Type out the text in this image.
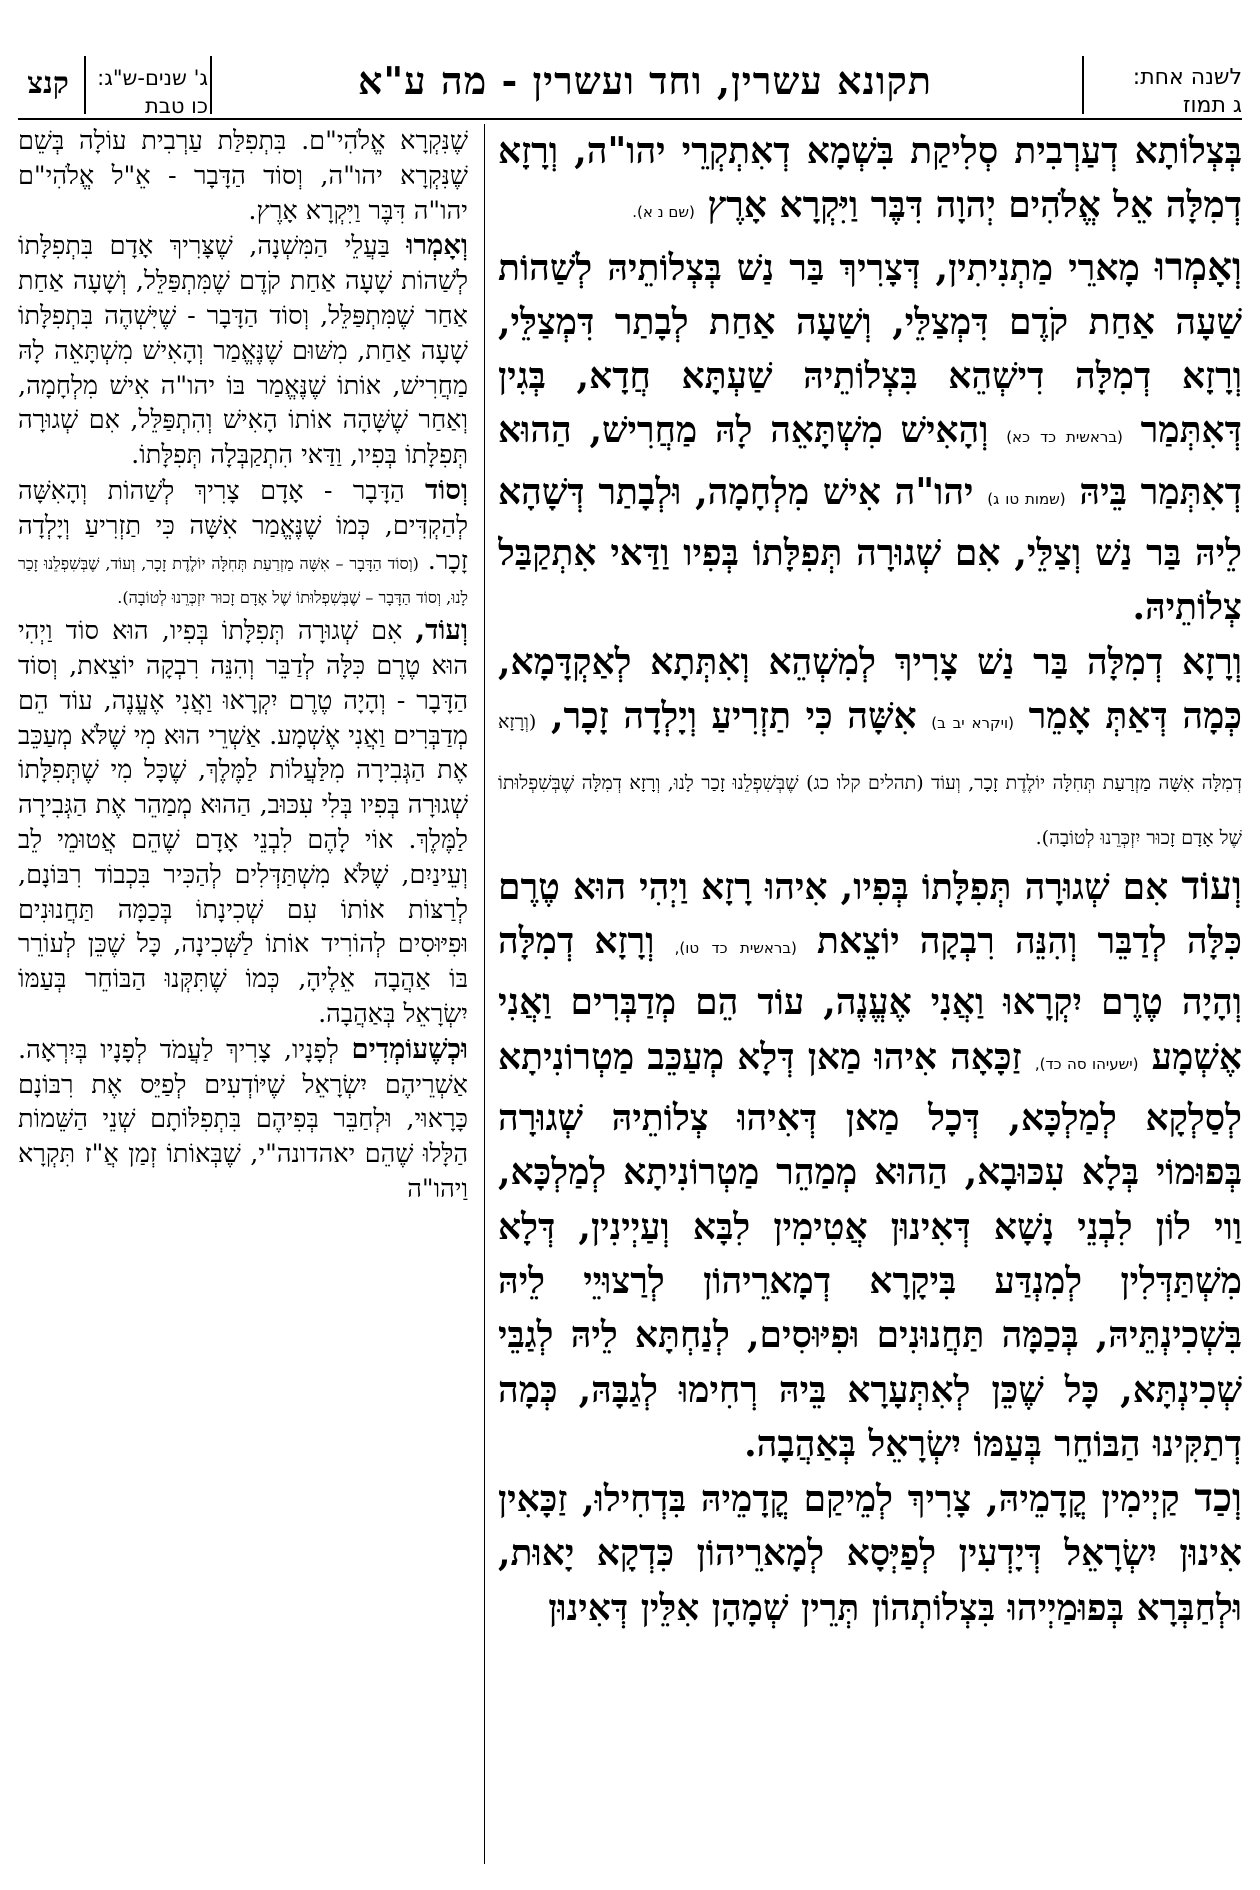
לשנה אחת:
ג תמוז
תקונא עשרין, וחד ועשרין - מה ע"א
ג' שנים-ש"ג:
כו טבת
קנצ

בְּצְלוֹתָא דְעַרְבִית סְלִיקַת בִּשְׁמָא דְאִתְקְרֵי יהו"ה, וְרָזָא דְמִלָּה אֵל אֱלֹהִים יְהוָה דִּבֶּר וַיִּקְרָא אָרֶץ (שם נ א).

וְאָמְרוּ מָארֵי מַתְנִיתִין, דְּצָרִיךְ בַּר נַשׁ בְּצְלוֹתֵיהּ לְשַׁהוֹת שַׁעָה אַחַת קֹדֶם דִּמְצַלֵּי, וְשַׁעָה אַחַת לְבָתַר דִּמְצַלֵּי, וְרָזָא דְמִלָּה דִישְׁהֵא בִּצְלוֹתֵיהּ שַׁעְתָּא חֲדָא, בְּגִין דְּאִתְּמַר (בראשית כד כא) וְהָאִישׁ מִשְׁתָּאֵה לָהּ מַחֲרִישׁ, הַהוּא דְאִתְּמַר בֵּיהּ (שמות טו ג) יהו"ה אִישׁ מִלְחָמָה, וּלְבָתַר דְּשָׁהָא לֵיהּ בַּר נַשׁ וְצַלֵּי, אִם שְׁגוּרָה תְּפִלָּתוֹ בְּפִיו וַדַּאי אִתְקַבַּל צְלוֹתֵיהּ.

וְרָזָא דְמִלָּה בַּר נַשׁ צָרִיךְ לְמִשְׁהֵא וְאִתְּתָא לְאַקְדָּמָא, כְּמָה דְּאַתְּ אָמֵר (ויקרא יב ב) אִשָּׁה כִּי תַזְרִיעַ וְיָלְדָה זָכָר, (וְרָזָא דְמִלָּה אִשָּׁה מַזְרַעַת תְּחִלָּה יוֹלֶדֶת זָכָר, וְעוֹד (תהלים קלו כג) שֶׁבְּשִׁפְלֵנוּ זָכַר לָנוּ, וְרָזָא דְמִלָּה שֶׁבְּשִׁפְלוּתוֹ שֶׁל אָדָם זָכוּר יִזְכְּרֵנוּ לְטוֹבָה).

וְעוֹד אִם שְׁגוּרָה תְּפִלָּתוֹ בְּפִיו, אִיהוּ רָזָא וַיְהִי הוּא טֶרֶם כִּלָּה לְדַבֵּר וְהִנֵּה רִבְקָה יוֹצֵאת (בראשית כד טו), וְרָזָא דְמִלָּה וְהָיָה טֶרֶם יִקְרָאוּ וַאֲנִי אֶעֱנֶה, עוֹד הֵם מְדַבְּרִים וַאֲנִי אֶשְׁמָע (ישעיהו סה כד), זַכָּאָה אִיהוּ מַאן דְּלָא מְעַכֵּב מַטְרוֹנִיתָא לְסַלְקָא לְמַלְכָּא, דְּכָל מַאן דְּאִיהוּ צְלוֹתֵיהּ שְׁגוּרָה בְּפוּמוֹי בְּלָא עִכּוּבָא, הַהוּא מְמַהֵר מַטְרוֹנִיתָא לְמַלְכָּא, וַוי לוֹן לִבְנֵי נָשָׁא דְּאִינוּן אֲטִימִין לִבָּא וְעַיְינִין, דְּלָא מִשְׁתַּדְּלִין לְמִנְדַּע בִּיקָרָא דְמָארֵיהוֹן לְרַצוּיֵי לֵיהּ בִּשְׁכִינְתֵּיהּ, בְּכַמָּה תַּחֲנוּנִים וּפִיּוּסִים, לְנַחְתָּא לֵיהּ לְגַבֵּי שְׁכִינְתָּא, כָּל שֶׁכֵּן לְאִתְּעָרָא בֵּיהּ רְחִימוּ לְגַבָּהּ, כְּמָה דְתַקִּינוּ הַבּוֹחֵר בְּעַמּוֹ יִשְׂרָאֵל בְּאַהֲבָה.

וְכַד קַיְימִין קֳדָמֵיהּ, צָרִיךְ לְמֵיקַם קֳדָמֵיהּ בִּדְחִילוּ, זַכָּאִין אִינוּן יִשְׂרָאֵל דְּיָדְעִין לְפַיְּסָא לְמָארֵיהוֹן כִּדְקָא יָאוּת, וּלְחַבְּרָא בְּפוּמַיְיהוּ בִּצְלוֹתְהוֹן תְּרֵין שְׁמָהָן אִלֵּין דְּאִינוּן

שֶׁנִּקְרָא אֱלֹהִי"ם. בִּתְפִלַּת עַרְבִית עוֹלָה בְּשֵׁם שֶׁנִּקְרָא יהו"ה, וְסוֹד הַדָּבָר - אֵ"ל אֱלֹהִי"ם יהו"ה דִּבֶּר וַיִּקְרָא אָרֶץ.

וְאָמְרוּ בַּעֲלֵי הַמִּשְׁנָה, שֶׁצָּרִיךְ אָדָם בִּתְפִלָּתוֹ לְשַׁהוֹת שָׁעָה אַחַת קֹדֶם שֶׁמִּתְפַּלֵּל, וְשָׁעָה אַחַת אַחַר שֶׁמִּתְפַּלֵּל, וְסוֹד הַדָּבָר - שֶׁיִּשְׁהֶה בִּתְפִלָּתוֹ שָׁעָה אַחַת, מִשּׁוּם שֶׁנֶּאֱמַר וְהָאִישׁ מִשְׁתָּאֵה לָהּ מַחֲרִישׁ, אוֹתוֹ שֶׁנֶּאֱמַר בּוֹ יהו"ה אִישׁ מִלְחָמָה, וְאַחַר שֶׁשָּׁהָה אוֹתוֹ הָאִישׁ וְהִתְפַּלֵּל, אִם שְׁגוּרָה תְּפִלָּתוֹ בְּפִיו, וַדַּאי הִתְקַבְּלָה תְּפִלָּתוֹ.

וְסוֹד הַדָּבָר - אָדָם צָרִיךְ לְשַׁהוֹת וְהָאִשָּׁה לְהַקְדִּים, כְּמוֹ שֶׁנֶּאֱמַר אִשָּׁה כִּי תַזְרִיעַ וְיָלְדָה זָכָר. (וְסוֹד הַדָּבָר – אִשָּׁה מַזְרַעַת תְּחִלָּה יוֹלֶדֶת זָכָר, וְעוֹד, שֶׁבְּשִׁפְלֵנוּ זָכַר לָנוּ, וְסוֹד הַדָּבָר – שֶׁבְּשִׁפְלוּתוֹ שֶׁל אָדָם זָכוּר יִזְכְּרֵנוּ לְטוֹבָה).

וְעוֹד, אִם שְׁגוּרָה תְּפִלָּתוֹ בְּפִיו, הוּא סוֹד וַיְהִי הוּא טֶרֶם כִּלָּה לְדַבֵּר וְהִנֵּה רִבְקָה יוֹצֵאת, וְסוֹד הַדָּבָר - וְהָיָה טֶרֶם יִקְרָאוּ וַאֲנִי אֶעֱנֶה, עוֹד הֵם מְדַבְּרִים וַאֲנִי אֶשְׁמָע. אַשְׁרֵי הוּא מִי שֶׁלֹּא מְעַכֵּב אֶת הַגְּבִירָה מִלַּעֲלוֹת לַמֶּלֶךְ, שֶׁכָּל מִי שֶׁתְּפִלָּתוֹ שְׁגוּרָה בְּפִיו בְּלִי עִכּוּב, הַהוּא מְמַהֵר אֶת הַגְּבִירָה לַמֶּלֶךְ. אוֹי לָהֶם לִבְנֵי אָדָם שֶׁהֵם אֲטוּמֵי לֵב וְעֵינַיִם, שֶׁלֹּא מִשְׁתַּדְּלִים לְהַכִּיר בִּכְבוֹד רִבּוֹנָם, לְרַצּוֹת אוֹתוֹ עִם שְׁכִינָתוֹ בְּכַמָּה תַּחֲנוּנִים וּפִיּוּסִים לְהוֹרִיד אוֹתוֹ לַשְּׁכִינָה, כָּל שֶׁכֵּן לְעוֹרֵר בּוֹ אַהֲבָה אֵלֶיהָ, כְּמוֹ שֶׁתִּקְּנוּ הַבּוֹחֵר בְּעַמּוֹ יִשְׂרָאֵל בְּאַהֲבָה.

וּכְשֶׁעוֹמְדִים לְפָנָיו, צָרִיךְ לַעֲמֹד לְפָנָיו בְּיִרְאָה. אַשְׁרֵיהֶם יִשְׂרָאֵל שֶׁיּוֹדְעִים לְפַיֵּס אֶת רִבּוֹנָם כָּרָאוּי, וּלְחַבֵּר בְּפִיהֶם בִּתְפִלּוֹתָם שְׁנֵי הַשֵּׁמוֹת הַלָּלוּ שֶׁהֵם יאהדונה"י, שֶׁבְּאוֹתוֹ זְמַן אֲ"ז תִּקְרָא וַיהו"ה
